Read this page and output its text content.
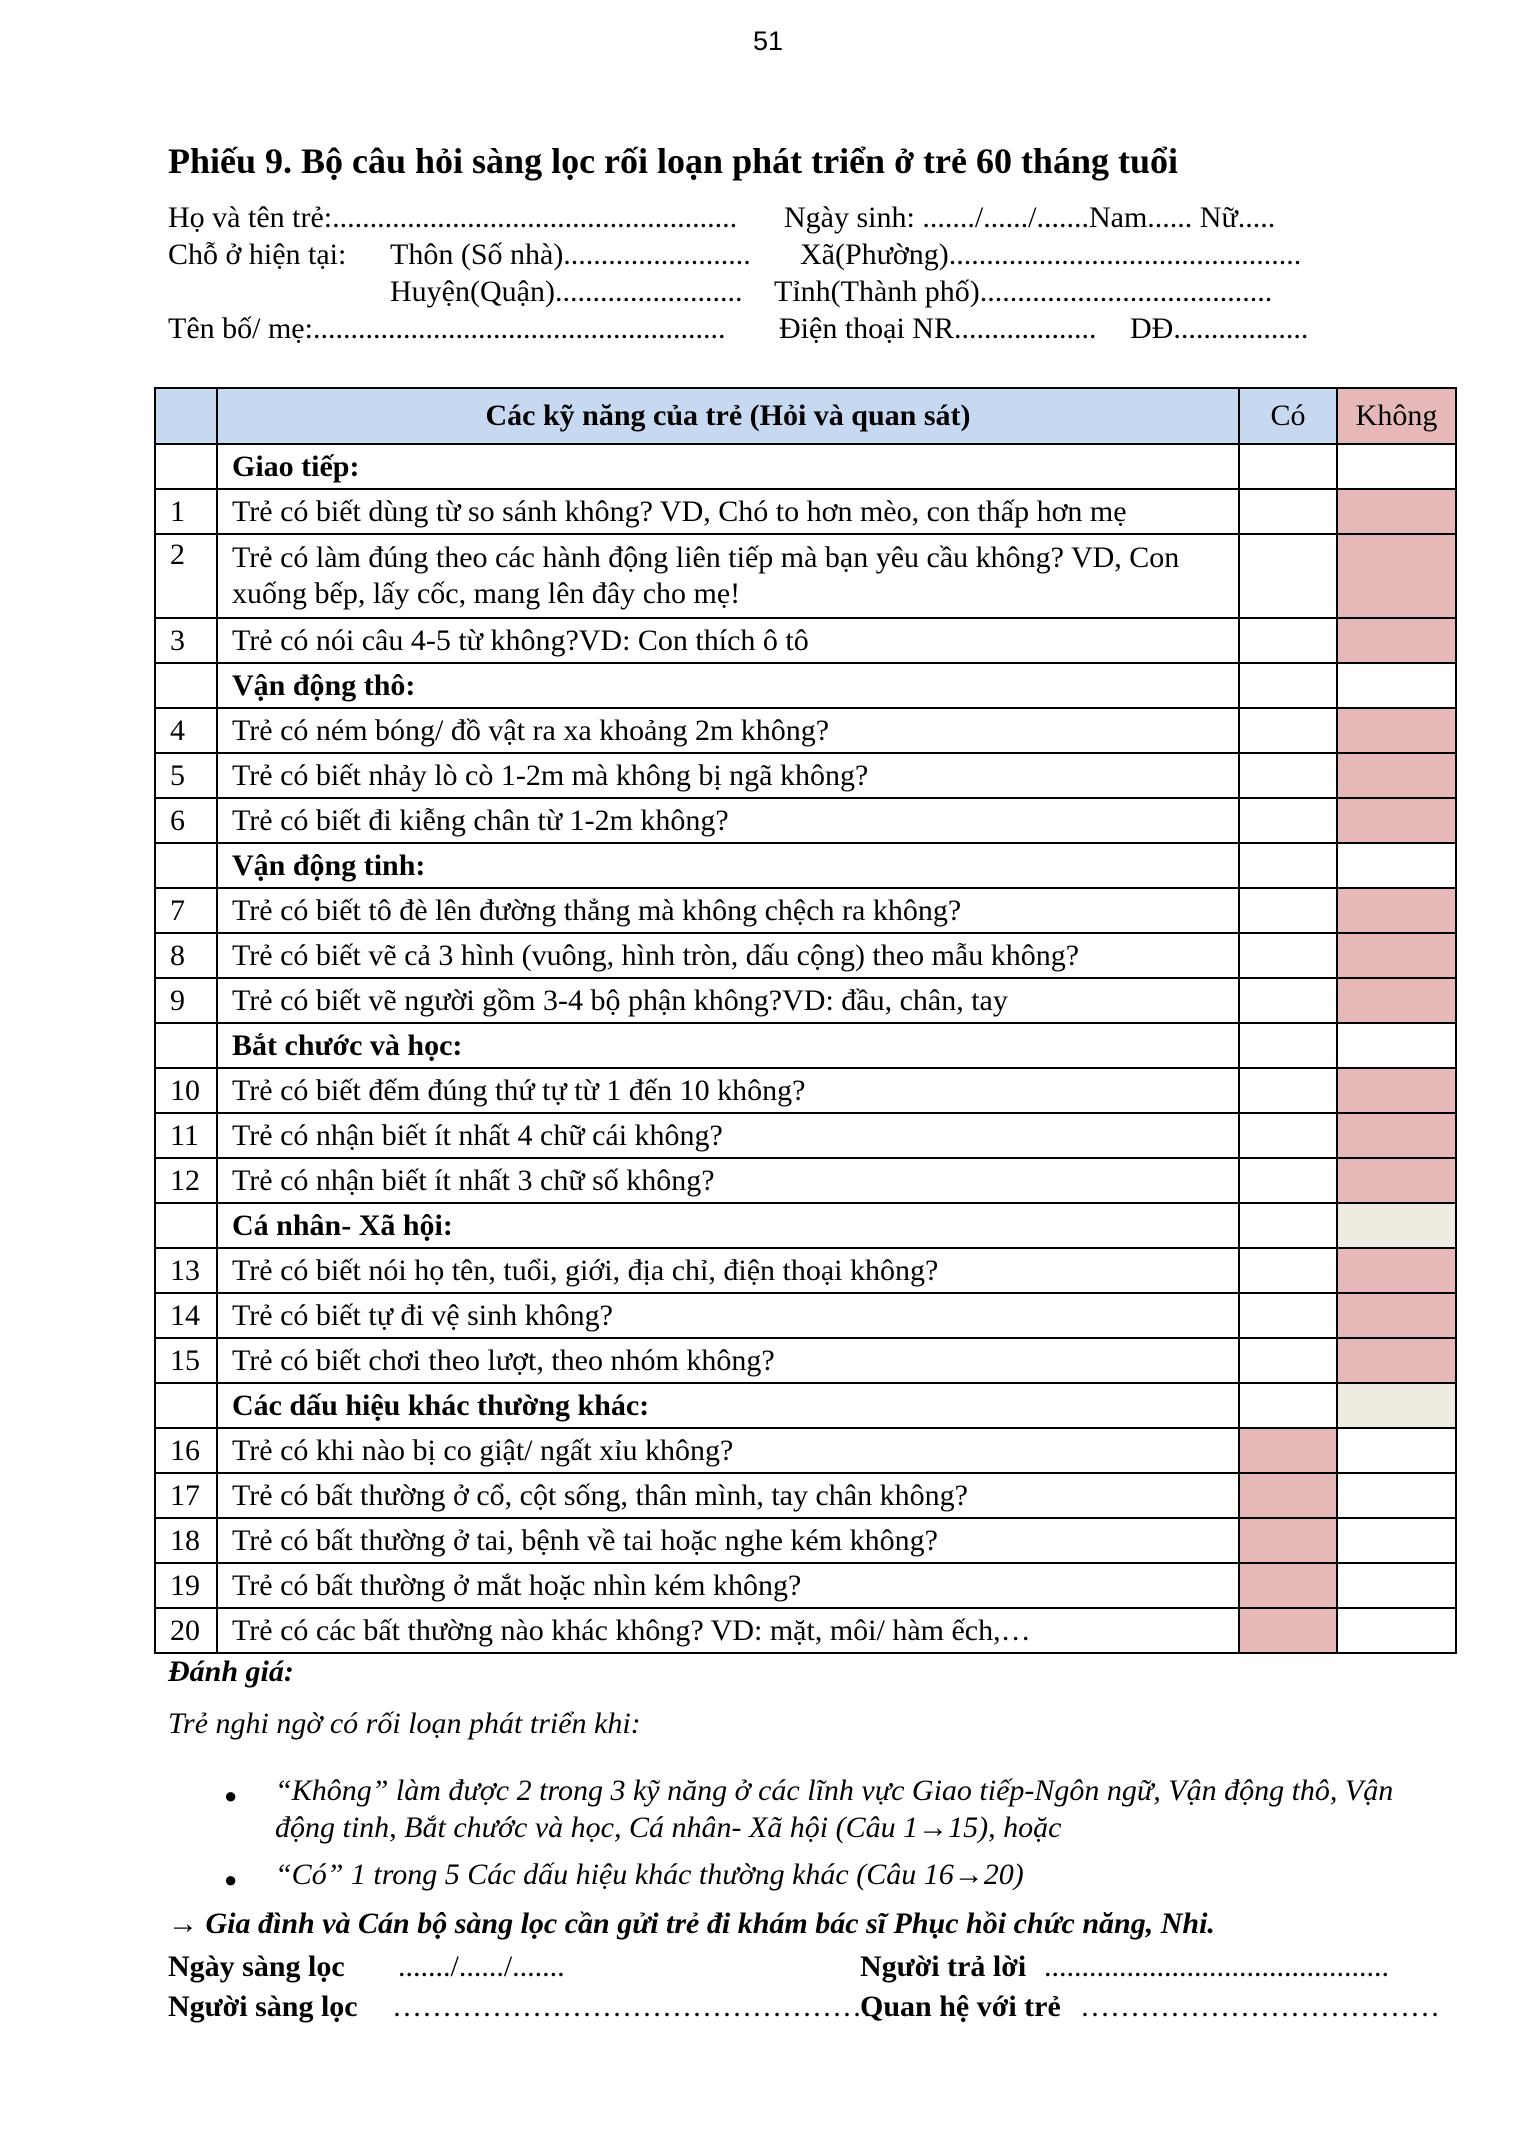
51
Phiếu 9. Bộ câu hỏi sàng lọc rối loạn phát triển ở trẻ 60 tháng tuổi
Họ và tên trẻ:...................................................... Ngày sinh: ......./....../.......Nam...... Nữ.....
Chỗ ở hiện tại: Thôn (Số nhà)......................... Xã(Phường)...............................................
Huyện(Quận)......................... Tỉnh(Thành phố).......................................
Tên bố/ mẹ:....................................................... Điện thoại NR................... DĐ..................
	Các kỹ năng của trẻ (Hỏi và quan sát)	Có	Không
	Giao tiếp:		
1	Trẻ có biết dùng từ so sánh không? VD, Chó to hơn mèo, con thấp hơn mẹ		
2	Trẻ có làm đúng theo các hành động liên tiếp mà bạn yêu cầu không? VD, Con xuống bếp, lấy cốc, mang lên đây cho mẹ!		
3	Trẻ có nói câu 4-5 từ không?VD: Con thích ô tô		
	Vận động thô:		
4	Trẻ có ném bóng/ đồ vật ra xa khoảng 2m không?		
5	Trẻ có biết nhảy lò cò 1-2m mà không bị ngã không?		
6	Trẻ có biết đi kiễng chân từ 1-2m không?		
	Vận động tinh:		
7	Trẻ có biết tô đè lên đường thẳng mà không chệch ra không?		
8	Trẻ có biết vẽ cả 3 hình (vuông, hình tròn, dấu cộng) theo mẫu không?		
9	Trẻ có biết vẽ người gồm 3-4 bộ phận không?VD: đầu, chân, tay		
	Bắt chước và học:		
10	Trẻ có biết đếm đúng thứ tự từ 1 đến 10 không?		
11	Trẻ có nhận biết ít nhất 4 chữ cái không?		
12	Trẻ có nhận biết ít nhất 3 chữ số không?		
	Cá nhân- Xã hội:		
13	Trẻ có biết nói họ tên, tuổi, giới, địa chỉ, điện thoại không?		
14	Trẻ có biết tự đi vệ sinh không?		
15	Trẻ có biết chơi theo lượt, theo nhóm không?		
	Các dấu hiệu khác thường khác:		
16	Trẻ có khi nào bị co giật/ ngất xỉu không?		
17	Trẻ có bất thường ở cổ, cột sống, thân mình, tay chân không?		
18	Trẻ có bất thường ở tai, bệnh về tai hoặc nghe kém không?		
19	Trẻ có bất thường ở mắt hoặc nhìn kém không?		
20	Trẻ có các bất thường nào khác không? VD: mặt, môi/ hàm ếch,…		
Đánh giá:
Trẻ nghi ngờ có rối loạn phát triển khi:
● “Không” làm được 2 trong 3 kỹ năng ở các lĩnh vực Giao tiếp-Ngôn ngữ, Vận động thô, Vận động tinh, Bắt chước và học, Cá nhân- Xã hội (Câu 1→15), hoặc
● “Có” 1 trong 5 Các dấu hiệu khác thường khác (Câu 16→20)
→ Gia đình và Cán bộ sàng lọc cần gửi trẻ đi khám bác sĩ Phục hồi chức năng, Nhi.
Ngày sàng lọc ......./....../.......	Người trả lời ..............................................
Người sàng lọc …………………………………………
Quan hệ với trẻ ………………………………
